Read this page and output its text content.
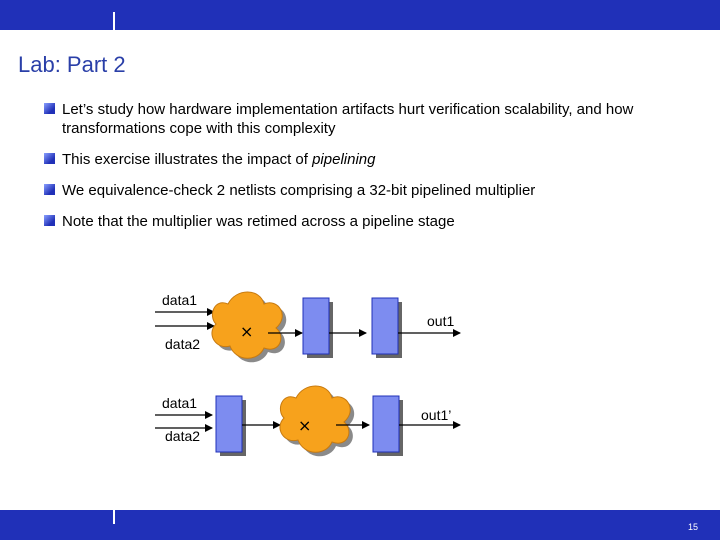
Lab: Part 2
Let’s study how hardware implementation artifacts hurt verification scalability, and how transformations cope with this complexity
This exercise illustrates the impact of pipelining
We equivalence-check 2 netlists comprising a 32-bit pipelined multiplier
Note that the multiplier was retimed across a pipeline stage
data1
data2
×
out1
data1
data2
×
out1’
15
